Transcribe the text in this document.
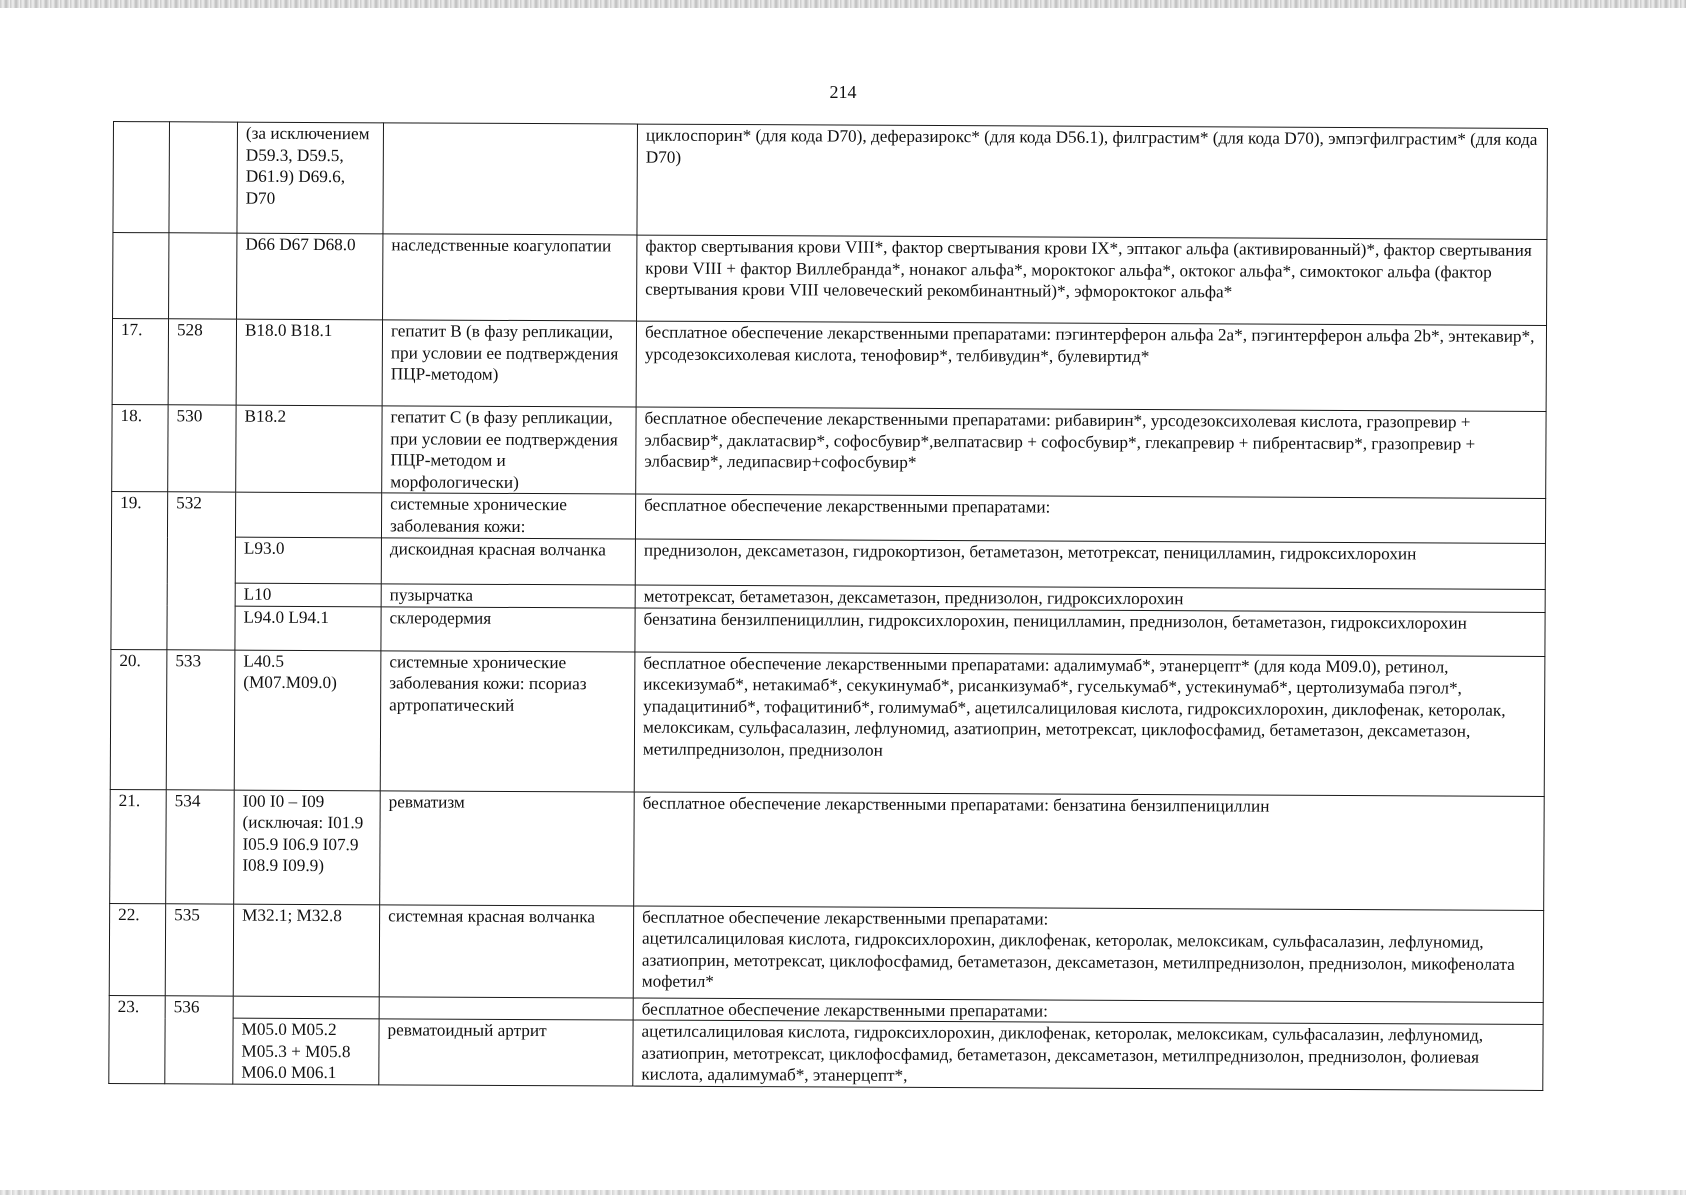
214
		(за исключением D59.3, D59.5, D61.9) D69.6, D70		циклоспорин* (для кода D70), деферазирокс* (для кода D56.1), филграстим* (для кода D70), эмпэгфилграстим* (для кода D70)
		D66 D67 D68.0	наследственные коагулопатии	фактор свертывания крови VIII*, фактор свертывания крови IX*, эптаког альфа (активированный)*, фактор свертывания крови VIII + фактор Виллебранда*, нонаког альфа*, мороктоког альфа*, октоког альфа*, симоктоког альфа (фактор свертывания крови VIII человеческий рекомбинантный)*, эфмороктоког альфа*
17.	528	B18.0 B18.1	гепатит В (в фазу репликации, при условии ее подтверждения ПЦР-методом)	бесплатное обеспечение лекарственными препаратами: пэгинтерферон альфа 2а*, пэгинтерферон альфа 2b*, энтекавир*, урсодезоксихолевая кислота, тенофовир*, телбивудин*, булевиртид*
18.	530	B18.2	гепатит С (в фазу репликации, при условии ее подтверждения ПЦР-методом и морфологически)	бесплатное обеспечение лекарственными препаратами: рибавирин*, урсодезоксихолевая кислота, гразопревир + элбасвир*, даклатасвир*, софосбувир*,велпатасвир + софосбувир*, глекапревир + пибрентасвир*, гразопревир + элбасвир*, ледипасвир+софосбувир*
19.	532		системные хронические заболевания кожи:	бесплатное обеспечение лекарственными препаратами:
		L93.0	дискоидная красная волчанка	преднизолон, дексаметазон, гидрокортизон, бетаметазон, метотрексат, пеницилламин, гидроксихлорохин
		L10	пузырчатка	метотрексат, бетаметазон, дексаметазон, преднизолон, гидроксихлорохин
		L94.0 L94.1	склеродермия	бензатина бензилпенициллин, гидроксихлорохин, пеницилламин, преднизолон, бетаметазон, гидроксихлорохин
20.	533	L40.5 (M07.M09.0)	системные хронические заболевания кожи: псориаз артропатический	бесплатное обеспечение лекарственными препаратами: адалимумаб*, этанерцепт* (для кода M09.0), ретинол, иксекизумаб*, нетакимаб*, секукинумаб*, рисанкизумаб*, гуселькумаб*, устекинумаб*, цертолизумаба пэгол*, упадацитиниб*, тофацитиниб*, голимумаб*, ацетилсалициловая кислота, гидроксихлорохин, диклофенак, кеторолак, мелоксикам, сульфасалазин, лефлуномид, азатиоприн, метотрексат, циклофосфамид, бетаметазон, дексаметазон, метилпреднизолон, преднизолон
21.	534	I00 I0 – I09 (исключая: I01.9 I05.9 I06.9 I07.9 I08.9 I09.9)	ревматизм	бесплатное обеспечение лекарственными препаратами: бензатина бензилпенициллин
22.	535	M32.1; M32.8	системная красная волчанка	бесплатное обеспечение лекарственными препаратами:
ацетилсалициловая кислота, гидроксихлорохин, диклофенак, кеторолак, мелоксикам, сульфасалазин, лефлуномид, азатиоприн, метотрексат, циклофосфамид, бетаметазон, дексаметазон, метилпреднизолон, преднизолон, микофенолата мофетил*

23.	536			бесплатное обеспечение лекарственными препаратами:
		M05.0 M05.2 M05.3 + M05.8 M06.0 M06.1	ревматоидный артрит	ацетилсалициловая кислота, гидроксихлорохин, диклофенак, кеторолак, мелоксикам, сульфасалазин, лефлуномид, азатиоприн, метотрексат, циклофосфамид, бетаметазон, дексаметазон, метилпреднизолон, преднизолон, фолиевая кислота, адалимумаб*, этанерцепт*,
